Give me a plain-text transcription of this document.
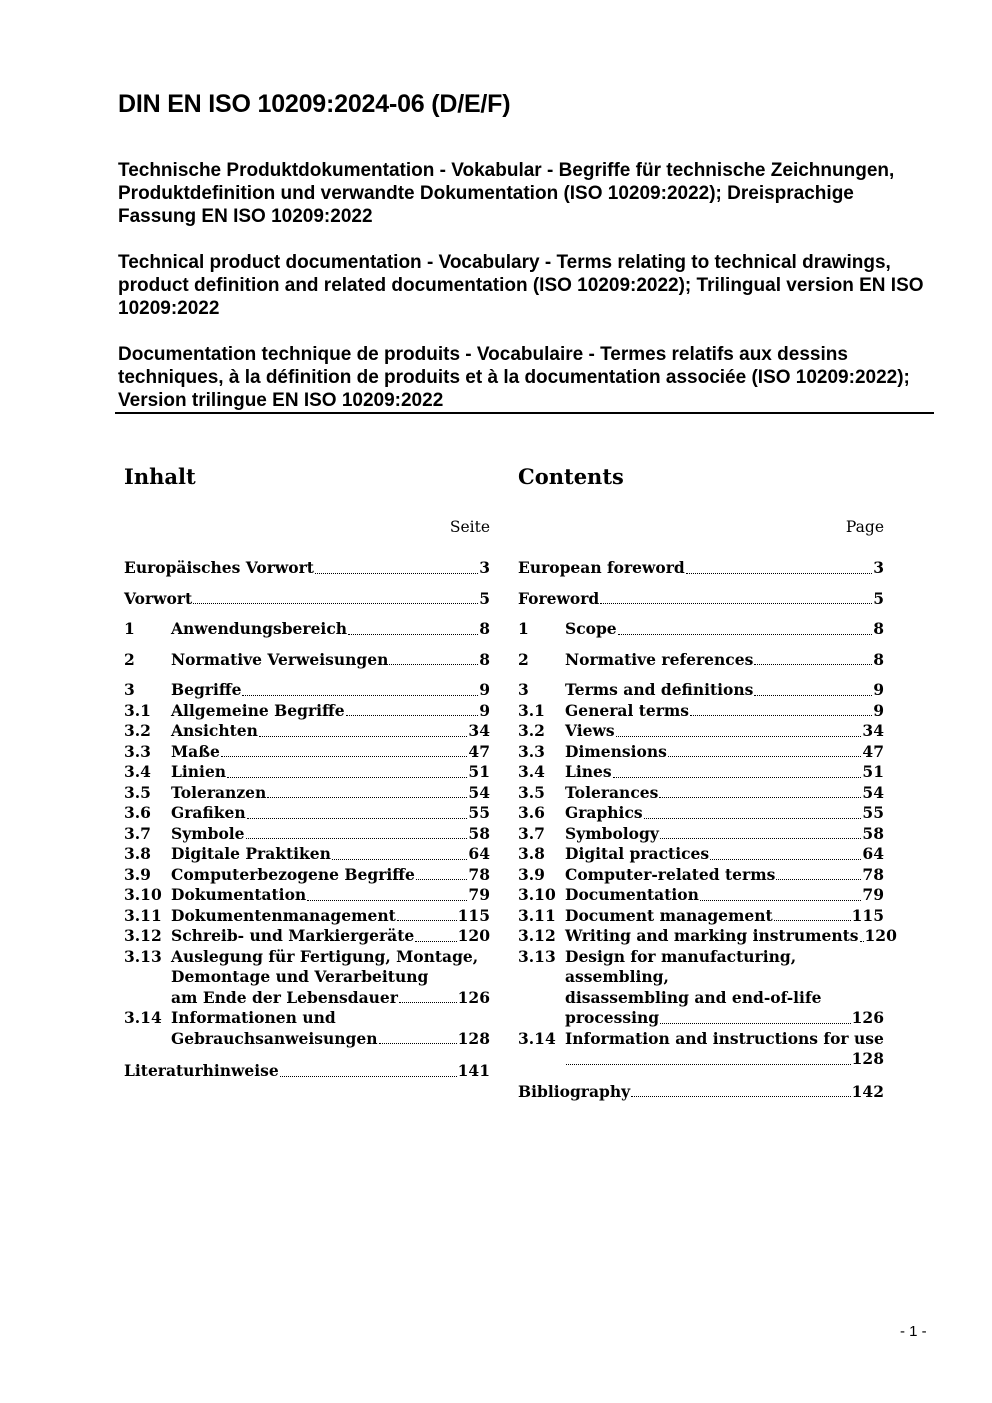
DIN EN ISO 10209:2024-06 (D/E/F)
Technische Produktdokumentation - Vokabular - Begriffe für technische Zeichnungen, Produktdefinition und verwandte Dokumentation (ISO 10209:2022); Dreisprachige Fassung EN ISO 10209:2022
Technical product documentation - Vocabulary - Terms relating to technical drawings, product definition and related documentation (ISO 10209:2022); Trilingual version EN ISO 10209:2022
Documentation technique de produits - Vocabulaire - Termes relatifs aux dessins techniques, à la définition de produits et à la documentation associée (ISO 10209:2022); Version trilingue EN ISO 10209:2022
Inhalt
Seite
Europäisches Vorwort	3
Vorwort	5
1	Anwendungsbereich	8
2	Normative Verweisungen	8
3	Begriffe	9
3.1	Allgemeine Begriffe	9
3.2	Ansichten	34
3.3	Maße	47
3.4	Linien	51
3.5	Toleranzen	54
3.6	Grafiken	55
3.7	Symbole	58
3.8	Digitale Praktiken	64
3.9	Computerbezogene Begriffe	78
3.10 Dokumentation	79
3.11 Dokumentenmanagement	115
3.12 Schreib- und Markiergeräte	120
3.13 Auslegung für Fertigung, Montage,
Demontage und Verarbeitung
am Ende der Lebensdauer	126
3.14 Informationen und
Gebrauchsanweisungen	128
Literaturhinweise	141
Contents
Page
European foreword	3
Foreword	5
1	Scope	8
2	Normative references	8
3	Terms and definitions	9
3.1	General terms	9
3.2	Views	34
3.3	Dimensions	47
3.4	Lines	51
3.5	Tolerances	54
3.6	Graphics	55
3.7	Symbology	58
3.8	Digital practices	64
3.9	Computer-related terms	78
3.10 Documentation	79
3.11 Document management	115
3.12 Writing and marking instruments 120
3.13 Design for manufacturing, assembling,
disassembling and end-of-life
processing	126
3.14 Information and instructions for use
128
Bibliography	142
- 1 -
